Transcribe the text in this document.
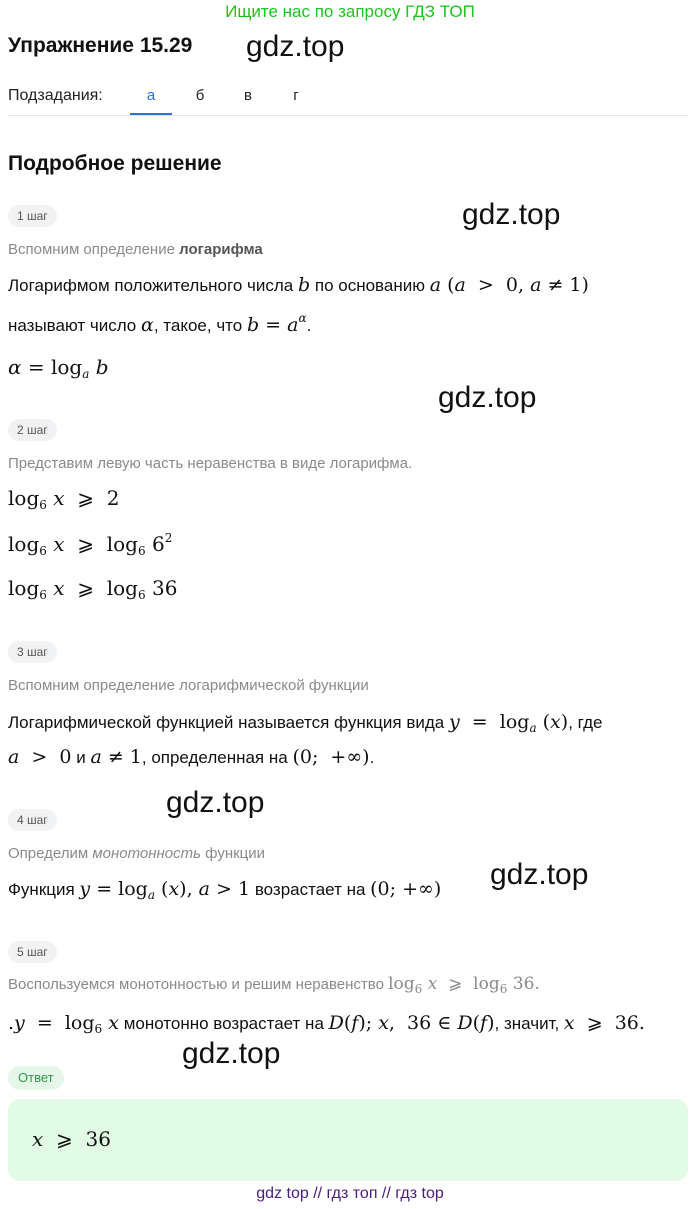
Ищите нас по запросу ГДЗ ТОП
Упражнение 15.29 gdz.top
Подзадания:	а	б	в	г
Подробное решение
1 шаг	gdz.top
Вспомним определение логарифма
Логарифмом положительного числа b по основанию a (a  >  0, a ≠ 1)
называют число α, такое, что $b = a^\alpha$.
$\alpha = \log_a b$
gdz.top
2 шаг
Представим левую часть неравенства в виде логарифма.
$\log_6 x$  ⩾  2
$\log_6 x$  ⩾  $\log_6 6^2$
$\log_6 x$  ⩾  $\log_6 36$
3 шаг
Вспомним определение логарифмической функции
Логарифмической функцией называется функция вида $y = \log_a (x)$, где
a  >  0 и a ≠ 1, определенная на (0;  +∞).
gdz.top
4 шаг
Определим монотонность функции
gdz.top
Функция $y = \log_a (x)$, a > 1 возрастает на (0; +∞)
5 шаг
Воспользуемся монотонностью и решим неравенство $\log_6 x$  ⩾  $\log_6 36$.
$.y = \log_6 x$ монотонно возрастает на D(f); x,  36 ∈ D(f), значит, x  ⩾  36.
gdz.top
Ответ
x  ⩾  36
gdz top // гдз топ // гдз top
